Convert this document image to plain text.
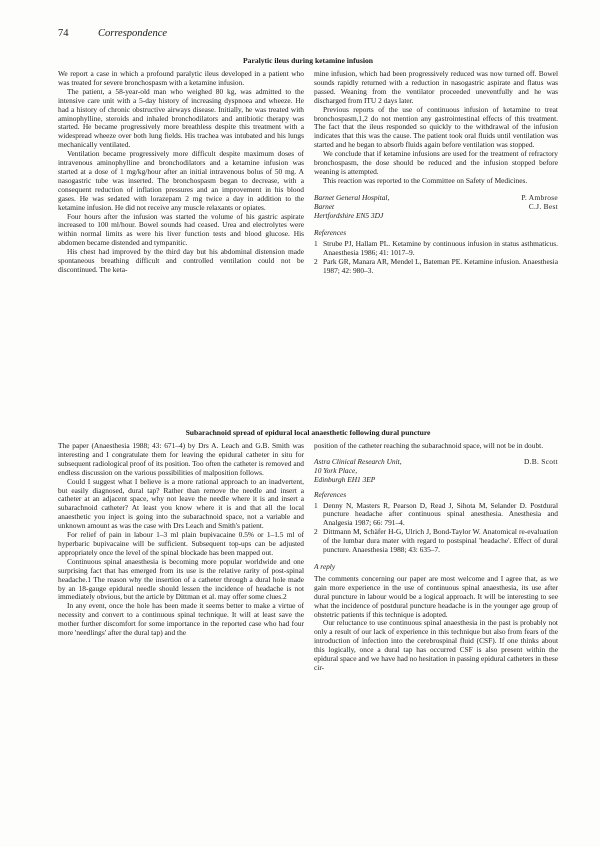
74	Correspondence
Paralytic ileus during ketamine infusion

We report a case in which a profound paralytic ileus developed in a patient who was treated for severe bronchospasm with a ketamine infusion.

The patient, a 58-year-old man who weighed 80 kg, was admitted to the intensive care unit with a 5-day history of increasing dyspnoea and wheeze. He had a history of chronic obstructive airways disease. Initially, he was treated with aminophylline, steroids and inhaled bronchodilators and antibiotic therapy was started. He became progressively more breathless despite this treatment with a widespread wheeze over both lung fields. His trachea was intubated and his lungs mechanically ventilated.

Ventilation became progressively more difficult despite maximum doses of intravenous aminophylline and bronchodilators and a ketamine infusion was started at a dose of 1 mg/kg/hour after an initial intravenous bolus of 50 mg. A nasogastric tube was inserted. The bronchospasm began to decrease, with a consequent reduction of inflation pressures and an improvement in his blood gases. He was sedated with lorazepam 2 mg twice a day in addition to the ketamine infusion. He did not receive any muscle relaxants or opiates.

Four hours after the infusion was started the volume of his gastric aspirate increased to 100 ml/hour. Bowel sounds had ceased. Urea and electrolytes were within normal limits as were his liver function tests and blood glucose. His abdomen became distended and tympanitic.

His chest had improved by the third day but his abdominal distension made spontaneous breathing difficult and controlled ventilation could not be discontinued. The keta-

mine infusion, which had been progressively reduced was now turned off. Bowel sounds rapidly returned with a reduction in nasogastric aspirate and flatus was passed. Weaning from the ventilator proceeded uneventfully and he was discharged from ITU 2 days later.

Previous reports of the use of continuous infusion of ketamine to treat bronchospasm,1,2 do not mention any gastrointestinal effects of this treatment. The fact that the ileus responded so quickly to the withdrawal of the infusion indicates that this was the cause. The patient took oral fluids until ventilation was started and he began to absorb fluids again before ventilation was stopped.

We conclude that if ketamine infusions are used for the treatment of refractory bronchospasm, the dose should be reduced and the infusion stopped before weaning is attempted.

This reaction was reported to the Committee on Safety of Medicines.

Barnet General Hospital,	P. Ambrose
Barnet	C.J. Best
Hertfordshire EN5 3DJ

References

1 Strube PJ, Hallam PL. Ketamine by continuous infusion in status asthmaticus. Anaesthesia 1986; 41: 1017–9.
2 Park GR, Manara AR, Mendel L, Bateman PE. Ketamine infusion. Anaesthesia 1987; 42: 980–3.
Subarachnoid spread of epidural local anaesthetic following dural puncture

The paper (Anaesthesia 1988; 43: 671–4) by Drs A. Leach and G.B. Smith was interesting and I congratulate them for leaving the epidural catheter in situ for subsequent radiological proof of its position. Too often the catheter is removed and endless discussion on the various possibilities of malposition follows.

Could I suggest what I believe is a more rational approach to an inadvertent, but easily diagnosed, dural tap? Rather than remove the needle and insert a catheter at an adjacent space, why not leave the needle where it is and insert a subarachnoid catheter? At least you know where it is and that all the local anaesthetic you inject is going into the subarachnoid space, not a variable and unknown amount as was the case with Drs Leach and Smith's patient.

For relief of pain in labour 1–3 ml plain bupivacaine 0.5% or 1–1.5 ml of hyperbaric bupivacaine will be sufficient. Subsequent top-ups can be adjusted appropriately once the level of the spinal blockade has been mapped out.

Continuous spinal anaesthesia is becoming more popular worldwide and one surprising fact that has emerged from its use is the relative rarity of post-spinal headache.1 The reason why the insertion of a catheter through a dural hole made by an 18-gauge epidural needle should lessen the incidence of headache is not immediately obvious, but the article by Dittman et al. may offer some clues.2

In any event, once the hole has been made it seems better to make a virtue of necessity and convert to a continuous spinal technique. It will at least save the mother further discomfort for some importance in the reported case who had four more 'needlings' after the dural tap) and the

position of the catheter reaching the subarachnoid space, will not be in doubt.

Astra Clinical Research Unit,	D.B. Scott
10 York Place,
Edinburgh EH1 3EP

References

1 Denny N, Masters R, Pearson D, Read J, Sihota M, Selander D. Postdural puncture headache after continuous spinal anesthesia. Anesthesia and Analgesia 1987; 66: 791–4.
2 Dittmann M, Schäfer H-G, Ulrich J, Bond-Taylor W. Anatomical re-evaluation of the lumbar dura mater with regard to postspinal 'headache'. Effect of dural puncture. Anaesthesia 1988; 43: 635–7.

A reply

The comments concerning our paper are most welcome and I agree that, as we gain more experience in the use of continuous spinal anaesthesia, its use after dural puncture in labour would be a logical approach. It will be interesting to see what the incidence of postdural puncture headache is in the younger age group of obstetric patients if this technique is adopted.

Our reluctance to use continuous spinal anaesthesia in the past is probably not only a result of our lack of experience in this technique but also from fears of the introduction of infection into the cerebrospinal fluid (CSF). If one thinks about this logically, once a dural tap has occurred CSF is also present within the epidural space and we have had no hesitation in passing epidural catheters in these cir-
